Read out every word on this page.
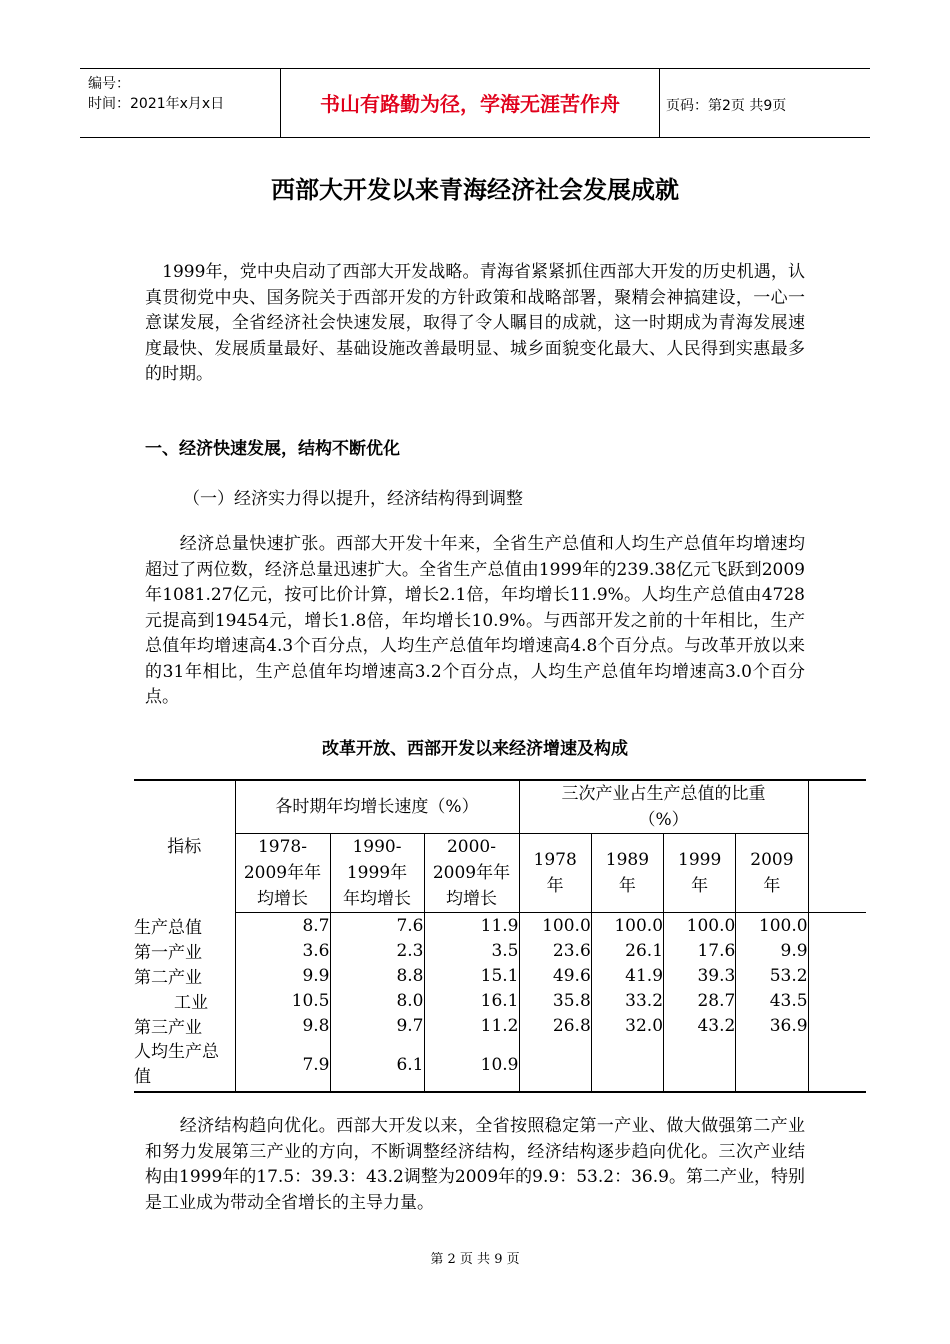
编号：
时间：2021年x月x日	书山有路勤为径，学海无涯苦作舟	页码：第2页 共9页
西部大开发以来青海经济社会发展成就
　1999年，党中央启动了西部大开发战略。青海省紧紧抓住西部大开发的历史机遇，认真贯彻党中央、国务院关于西部开发的方针政策和战略部署，聚精会神搞建设，一心一意谋发展，全省经济社会快速发展，取得了令人瞩目的成就，这一时期成为青海发展速度最快、发展质量最好、基础设施改善最明显、城乡面貌变化最大、人民得到实惠最多的时期。
一、经济快速发展，结构不断优化
（一）经济实力得以提升，经济结构得到调整
　　经济总量快速扩张。西部大开发十年来，全省生产总值和人均生产总值年均增速均超过了两位数，经济总量迅速扩大。全省生产总值由1999年的239.38亿元飞跃到2009年1081.27亿元，按可比价计算，增长2.1倍，年均增长11.9%。人均生产总值由4728元提高到19454元，增长1.8倍，年均增长10.9%。与西部开发之前的十年相比，生产总值年均增速高4.3个百分点，人均生产总值年均增速高4.8个百分点。与改革开放以来的31年相比，生产总值年均增速高3.2个百分点，人均生产总值年均增速高3.0个百分点。
改革开放、西部开发以来经济增速及构成
指标	各时期年均增长速度（%）			三次产业占生产总值的比重（%）				
	1978-2009年年均增长	1990-1999年年均增长	2000-2009年年均增长	1978年	1989年	1999年	2009年	
生产总值	8.7	7.6	11.9	100.0	100.0	100.0	100.0	
第一产业	3.6	2.3	3.5	23.6	26.1	17.6	9.9	
第二产业	9.9	8.8	15.1	49.6	41.9	39.3	53.2	
工业	10.5	8.0	16.1	35.8	33.2	28.7	43.5	
第三产业	9.8	9.7	11.2	26.8	32.0	43.2	36.9	
人均生产总值	7.9	6.1	10.9					
　　经济结构趋向优化。西部大开发以来，全省按照稳定第一产业、做大做强第二产业和努力发展第三产业的方向，不断调整经济结构，经济结构逐步趋向优化。三次产业结构由1999年的17.5：39.3：43.2调整为2009年的9.9：53.2：36.9。第二产业，特别是工业成为带动全省增长的主导力量。
第 2 页 共 9 页
